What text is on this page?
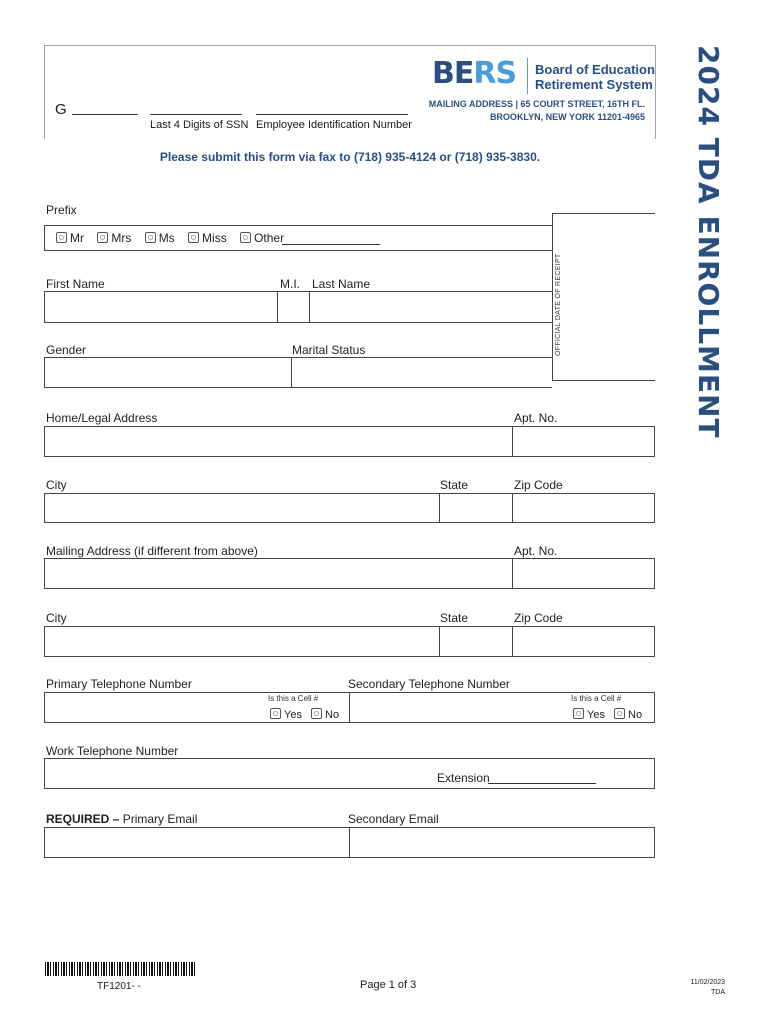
G
Last 4 Digits of SSN Employee Identification Number
BERS Board of Education
Retirement System
MAILING ADDRESS | 65 COURT STREET, 16TH FL.
BROOKLYN, NEW YORK 11201-4965
Please submit this form via fax to (718) 935-4124 or (718) 935-3830.	2024 TDA ENROLLMENT
OFFICIAL DATE OF RECEIPT
Prefix
Mr Mrs Ms Miss Other
First Name	M.I. Last Name
Gender	Marital Status
Home/Legal Address	Apt. No.
City	State	Zip Code
Mailing Address (if different from above)	Apt. No.
City	State	Zip Code
Primary Telephone Number	Secondary Telephone Number
Is this a Cell #
Yes No
Is this a Cell #
Yes No
Work Telephone Number
Extension
REQUIRED – Primary Email	Secondary Email
TF1201- -	Page 1 of 3	11/02/2023
TDA
